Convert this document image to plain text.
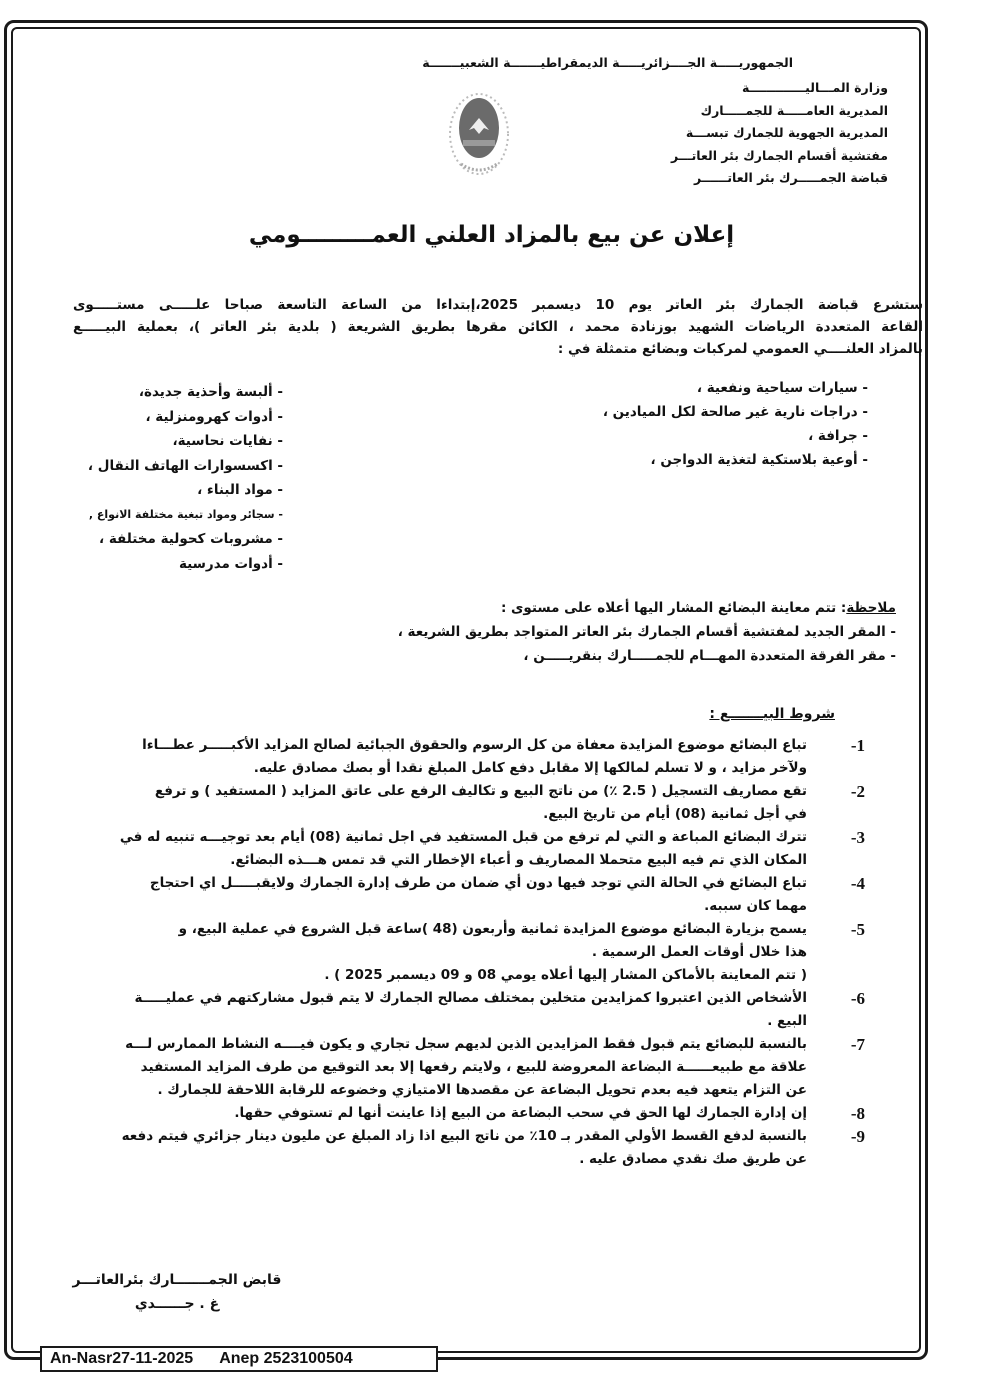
الجمهوريـــــة الجــــزائريـــــة الديمقراطيـــــــة الشعبيـــــــة
وزارة المـــاليـــــــــــــة
المديرية العامـــــة للجمـــــارك
المديرية الجهوية للجمارك تبســـة
مفتشية أقسام الجمارك بئر العاتـــر
قباضة الجمـــــرك بئر العاتــــــر
إعلان عن بيع بالمزاد العلني العمـــــــــومي
ستشرع قباضة الجمارك بئر العاتر يوم 10 ديسمبر 2025،إبتداءا من الساعة التاسعة صباحا علـــــى مستـــــوى
القاعة المتعددة الرياضات الشهيد بوزنادة محمد ، الكائن مقرها بطريق الشريعة ( بلدية بئر العاتر )، بعملية البيـــــع
بالمزاد العلنــــي العمومي لمركبات وبضائع متمثلة في :
- سيارات سياحية ونفعية ،
- دراجات نارية غير صالحة لكل الميادين ،
- جرافة ،
- أوعية بلاستكية لتغذية الدواجن ،
- ألبسة وأحذية جديدة،
- أدوات كهرومنزلية ،
- نفايات نحاسية،
- اكسسوارات الهاتف النقال ،
- مواد البناء ،
- سجائر ومواد تبغية مختلفة الانواع ,
- مشروبات كحولية مختلفة ،
- أدوات مدرسية
ملاحظة: تتم معاينة البضائع المشار اليها أعلاه على مستوى :
- المقر الجديد لمفتشية أقسام الجمارك بئر العاتر المتواجد بطريق الشريعة ،
- مقر الفرقة المتعددة المهـــام للجمـــــارك بنقريـــــن ،
شروط البيـــــــع :
-1
تباع البضائع موضوع المزايدة معفاة من كل الرسوم والحقوق الجبائية لصالح المزايد الأكبـــــر عطـــاءا
ولآخر مزايد ، و لا تسلم لمالكها إلا مقابل دفع كامل المبلغ نقدا أو بصك مصادق عليه.
-2
تقع مصاريف التسجيل ( 2.5 ٪) من ناتج البيع و تكاليف الرفع على عاتق المزايد ( المستفيد ) و ترفع
في أجل ثمانية (08) أيام من تاريخ البيع.
-3
تترك البضائع المباعة و التي لم ترفع من قبل المستفيد في اجل ثمانية (08) أيام بعد توجيـــه تنبيه له في
المكان الذي تم فيه البيع متحملا المصاريف و أعباء الإخطار التي قد تمس هـــذه البضائع.
-4
تباع البضائع في الحالة التي توجد فيها دون أي ضمان من طرف إدارة الجمارك ولايقبـــــل اي احتجاج
مهما كان سببه.
-5
يسمح بزيارة البضائع موضوع المزايدة ثمانية وأربعون (48 )ساعة قبل الشروع في عملية البيع، و
هذا خلال أوقات العمل الرسمية .
( تتم المعاينة بالأماكن المشار إليها أعلاه يومي 08 و 09 ديسمبر 2025 ) .
-6
الأشخاص الذين اعتبروا كمزايدين متخلين بمختلف مصالح الجمارك لا يتم قبول مشاركتهم في عمليـــــة
البيع .
-7
بالنسبة للبضائع يتم قبول فقط المزايدين الذين لديهم سجل تجاري و يكون فيــــه النشاط الممارس لـــه
علاقة مع طبيعــــــة البضاعة المعروضة للبيع ، ولايتم رفعها إلا بعد التوقيع من طرف المزايد المستفيد
عن التزام يتعهد فيه بعدم تحويل البضاعة عن مقصدها الامتيازي وخضوعه للرقابة اللاحقة للجمارك .
-8
إن إدارة الجمارك لها الحق في سحب البضاعة من البيع إذا عاينت أنها لم تستوفي حقها.
-9
بالنسبة لدفع القسط الأولي المقدر بـ 10٪ من ناتج البيع اذا زاد المبلغ عن مليون دينار جزائري فيتم دفعه
عن طريق صك نقدي مصادق عليه .
قابض الجمـــــــارك بئرالعاتـــر
غ . جــــــدي
An-Nasr27-11-2025 Anep 2523100504
